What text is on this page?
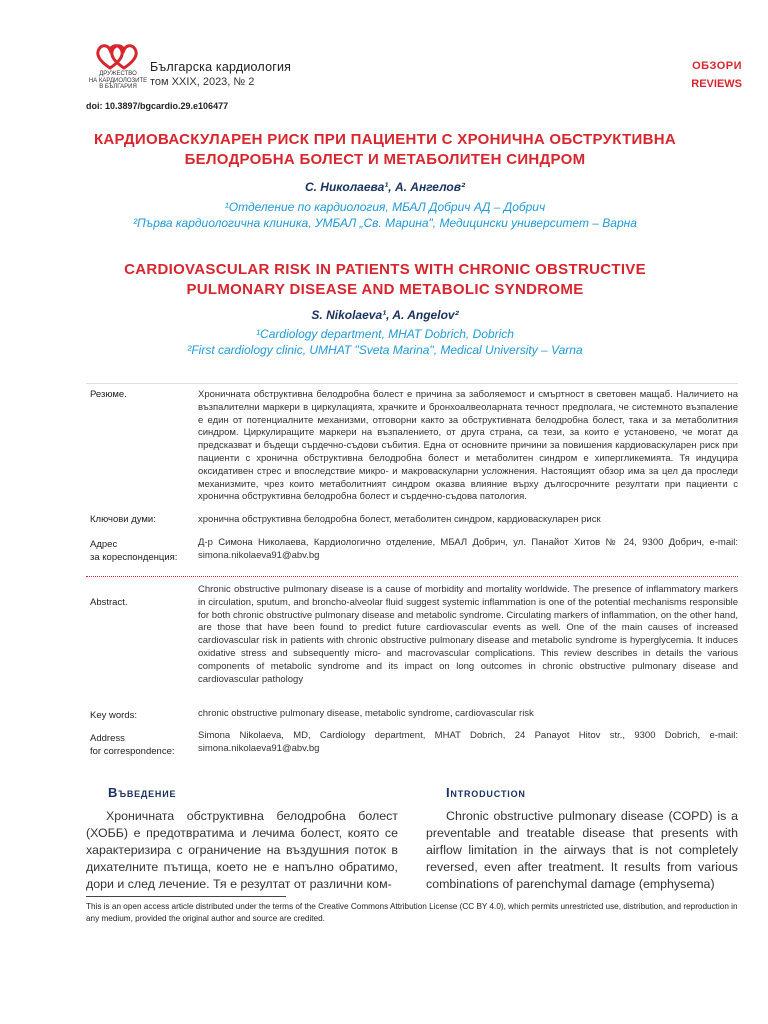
ДРУЖЕСТВО
НА КАРДИОЛОЗИТЕ
В БЪЛГАРИЯ
Българска кардиология
том XXIX, 2023, № 2
ОБЗОРИ
REVIEWS
doi: 10.3897/bgcardio.29.e106477
КАРДИОВАСКУЛАРЕН РИСК ПРИ ПАЦИЕНТИ С ХРОНИЧНА ОБСТРУКТИВНА
БЕЛОДРОБНА БОЛЕСТ И МЕТАБОЛИТЕН СИНДРОМ
С. Николаева¹, А. Ангелов²
¹Отделение по кардиология, МБАЛ Добрич АД – Добрич
²Първа кардиологична клиника, УМБАЛ „Св. Марина", Медицински университет – Варна
CARDIOVASCULAR RISK IN PATIENTS WITH CHRONIC OBSTRUCTIVE
PULMONARY DISEASE AND METABOLIC SYNDROME
S. Nikolaeva¹, A. Angelov²
¹Cardiology department, MHAT Dobrich, Dobrich
²First cardiology clinic, UMHAT "Sveta Marina", Medical University – Varna
Резюме.	Хроничната обструктивна белодробна болест е причина за заболяемост и смъртност в световен мащаб. Наличието на възпалителни маркери в циркулацията, храчките и бронхоалвеоларната течност предполага, че системното възпаление е един от потенциалните механизми, отговорни както за обструктивната белодробна болест, така и за метаболитния синдром. Циркулиращите маркери на възпалението, от друга страна, са тези, за които е установено, че могат да предсказват и бъдещи сърдечно-съдови събития. Една от основните причини за повишения кардиоваскуларен риск при пациенти с хронична обструктивна белодробна болест и метаболитен синдром е хипергликемията. Тя индуцира оксидативен стрес и впоследствие микро- и макроваскуларни усложнения. Настоящият обзор има за цел да проследи механизмите, чрез които метаболитният синдром оказва влияние върху дългосрочните резултати при пациенти с хронична обструктивна белодробна болест и сърдечно-съдова патология.
Ключови думи:	хронична обструктивна белодробна болест, метаболитен синдром, кардиоваскуларен риск
Адрес
за кореспонденция:
Д-р Симона Николаева, Кардиологично отделение, МБАЛ Добрич, ул. Панайот Хитов № 24, 9300 Добрич, e-mail: simona.nikolaeva91@abv.bg
Abstract.
Chronic obstructive pulmonary disease is a cause of morbidity and mortality worldwide. The presence of inflammatory markers in circulation, sputum, and broncho-alveolar fluid suggest systemic inflammation is one of the potential mechanisms responsible for both chronic obstructive pulmonary disease and metabolic syndrome. Circulating markers of inflammation, on the other hand, are those that have been found to predict future cardiovascular events as well. One of the main causes of increased cardiovascular risk in patients with chronic obstructive pulmonary disease and metabolic syndrome is hyperglycemia. It induces oxidative stress and subsequently micro- and macrovascular complications. This review describes in details the various components of metabolic syndrome and its impact on long outcomes in chronic obstructive pulmonary disease and cardiovascular pathology
Key words:	chronic obstructive pulmonary disease, metabolic syndrome, cardiovascular risk
Address
for correspondence:
Simona Nikolaeva, MD, Cardiology department, MHAT Dobrich, 24 Panayot Hitov str., 9300 Dobrich, e-mail: simona.nikolaeva91@abv.bg
Въведение
Хроничната обструктивна белодробна болест (ХОББ) е предотвратима и лечима болест, която се характеризира с ограничение на въздушния поток в дихателните пътища, което не е напълно обратимо, дори и след лечение. Тя е резултат от различни ком-
Introduction
Chronic obstructive pulmonary disease (COPD) is a preventable and treatable disease that presents with airflow limitation in the airways that is not completely reversed, even after treatment. It results from various combinations of parenchymal damage (emphysema)
This is an open access article distributed under the terms of the Creative Commons Attribution License (CC BY 4.0), which permits unrestricted use, distribution, and reproduction in any medium, provided the original author and source are credited.
